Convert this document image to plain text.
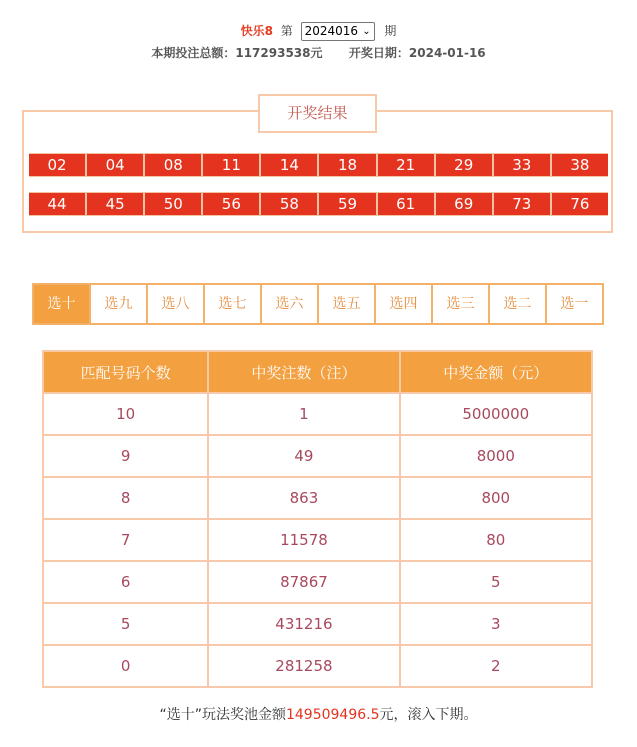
快乐8 第 2024016 ⌄ 期
本期投注总额：117293538元 开奖日期：2024-01-16
开奖结果
02	04	08	11	14	18	21	29	33	38
44	45	50	56	58	59	61	69	73	76
选十	选九	选八	选七	选六	选五	选四	选三	选二	选一
匹配号码个数	中奖注数（注）	中奖金额（元）
10	1	5000000
9	49	8000
8	863	800
7	11578	80
6	87867	5
5	431216	3
0	281258	2
“选十”玩法奖池金额149509496.5元，滚入下期。
